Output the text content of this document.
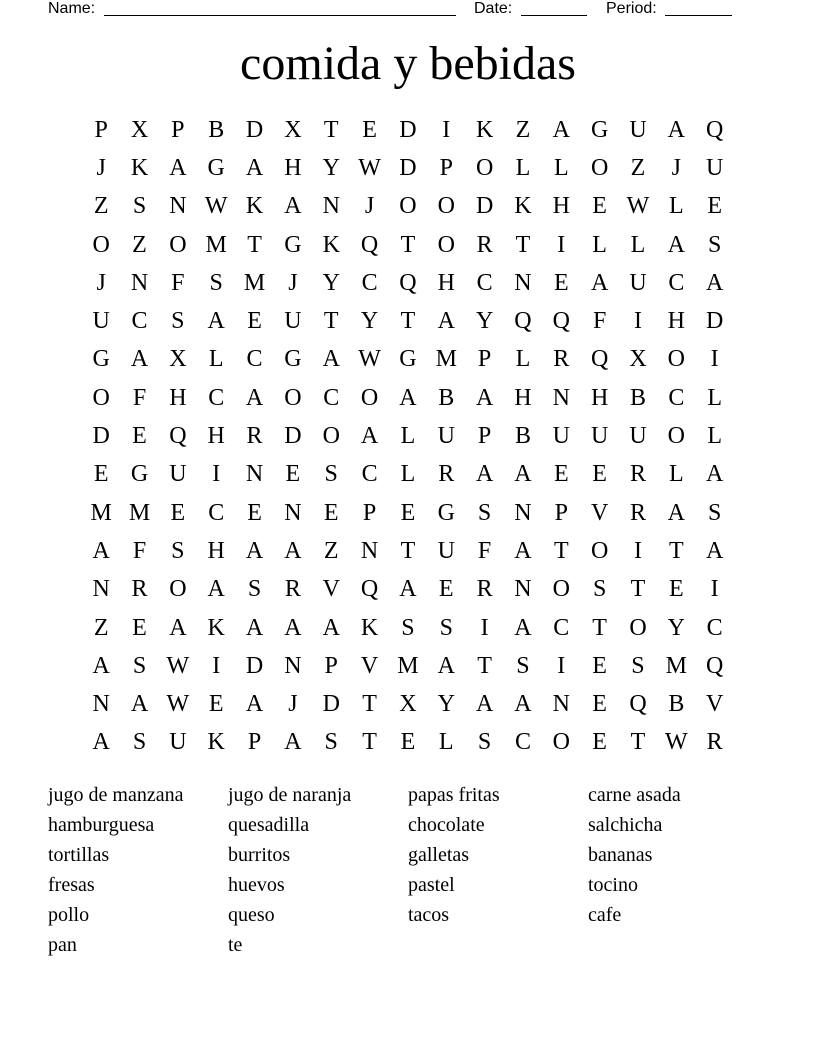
Name:	Date:	Period:
comida y bebidas
P X P B D X T E D	I	K Z A G U A Q
J	K A G A H Y W D P O L L O Z	J	U
Z	S N W K A N	J	O O D K H E W L E
O Z O M T G K Q T O R T	I	L L A S
J	N F	S M J	Y C Q H C N E A U C A
U C S A E U T Y T A Y Q Q F	I	H D
G A X L C G A W G M P	L R Q X O	I
O F H C A O C O A B A H N H B C L
D E Q H R D O A L U P B U U U O L
E G U	I	N E	S C L R A A E E R L A
M M E C E N E	P	E G S N P V R A S
A F	S H A A Z N T U F A T O	I	T A
N R O A S R V Q A E R N O S	T E	I
Z E A K A A A K S	S	I	A C T O Y C
A S W I	D N P V M A T	S	I	E	S M Q
N A W E A	J	D T X Y A A N E Q B V
A S U K P A S	T E L	S C O E T W R
jugo de manzana	jugo de naranja	papas fritas	carne asada
hamburguesa	quesadilla	chocolate	salchicha
tortillas	burritos	galletas	bananas
fresas	huevos	pastel	tocino
pollo	queso	tacos	cafe
pan	te
